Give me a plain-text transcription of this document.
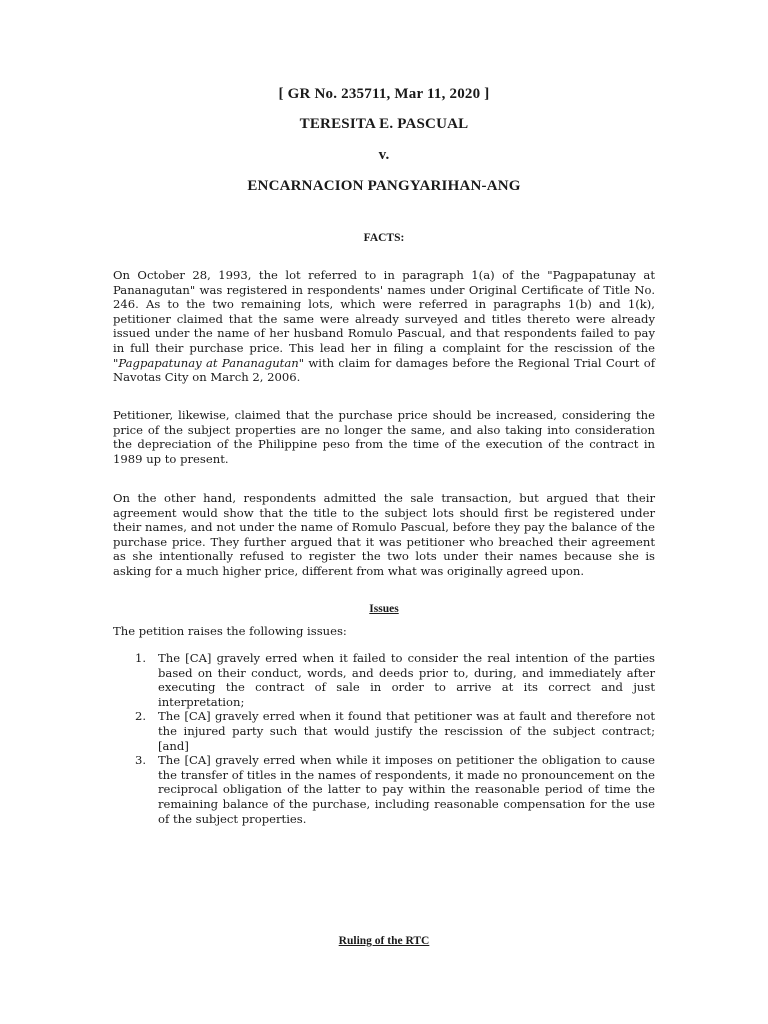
[ GR No. 235711, Mar 11, 2020 ]

TERESITA E. PASCUAL

v.

ENCARNACION PANGYARIHAN-ANG

FACTS:

On October 28, 1993, the lot referred to in paragraph 1(a) of the "Pagpapatunay at Pananagutan" was registered in respondents' names under Original Certificate of Title No. 246. As to the two remaining lots, which were referred in paragraphs 1(b) and 1(k), petitioner claimed that the same were already surveyed and titles thereto were already issued under the name of her husband Romulo Pascual, and that respondents failed to pay in full their purchase price. This lead her in filing a complaint for the rescission of the "Pagpapatunay at Pananagutan" with claim for damages before the Regional Trial Court of Navotas City on March 2, 2006.

Petitioner, likewise, claimed that the purchase price should be increased, considering the price of the subject properties are no longer the same, and also taking into consideration the depreciation of the Philippine peso from the time of the execution of the contract in 1989 up to present.

On the other hand, respondents admitted the sale transaction, but argued that their agreement would show that the title to the subject lots should first be registered under their names, and not under the name of Romulo Pascual, before they pay the balance of the purchase price. They further argued that it was petitioner who breached their agreement as she intentionally refused to register the two lots under their names because she is asking for a much higher price, different from what was originally agreed upon.

Issues

The petition raises the following issues:

1. The [CA] gravely erred when it failed to consider the real intention of the parties based on their conduct, words, and deeds prior to, during, and immediately after executing the contract of sale in order to arrive at its correct and just interpretation;
2. The [CA] gravely erred when it found that petitioner was at fault and therefore not the injured party such that would justify the rescission of the subject contract; [and]
3. The [CA] gravely erred when while it imposes on petitioner the obligation to cause the transfer of titles in the names of respondents, it made no pronouncement on the reciprocal obligation of the latter to pay within the reasonable period of time the remaining balance of the purchase, including reasonable compensation for the use of the subject properties.

Ruling of the RTC
